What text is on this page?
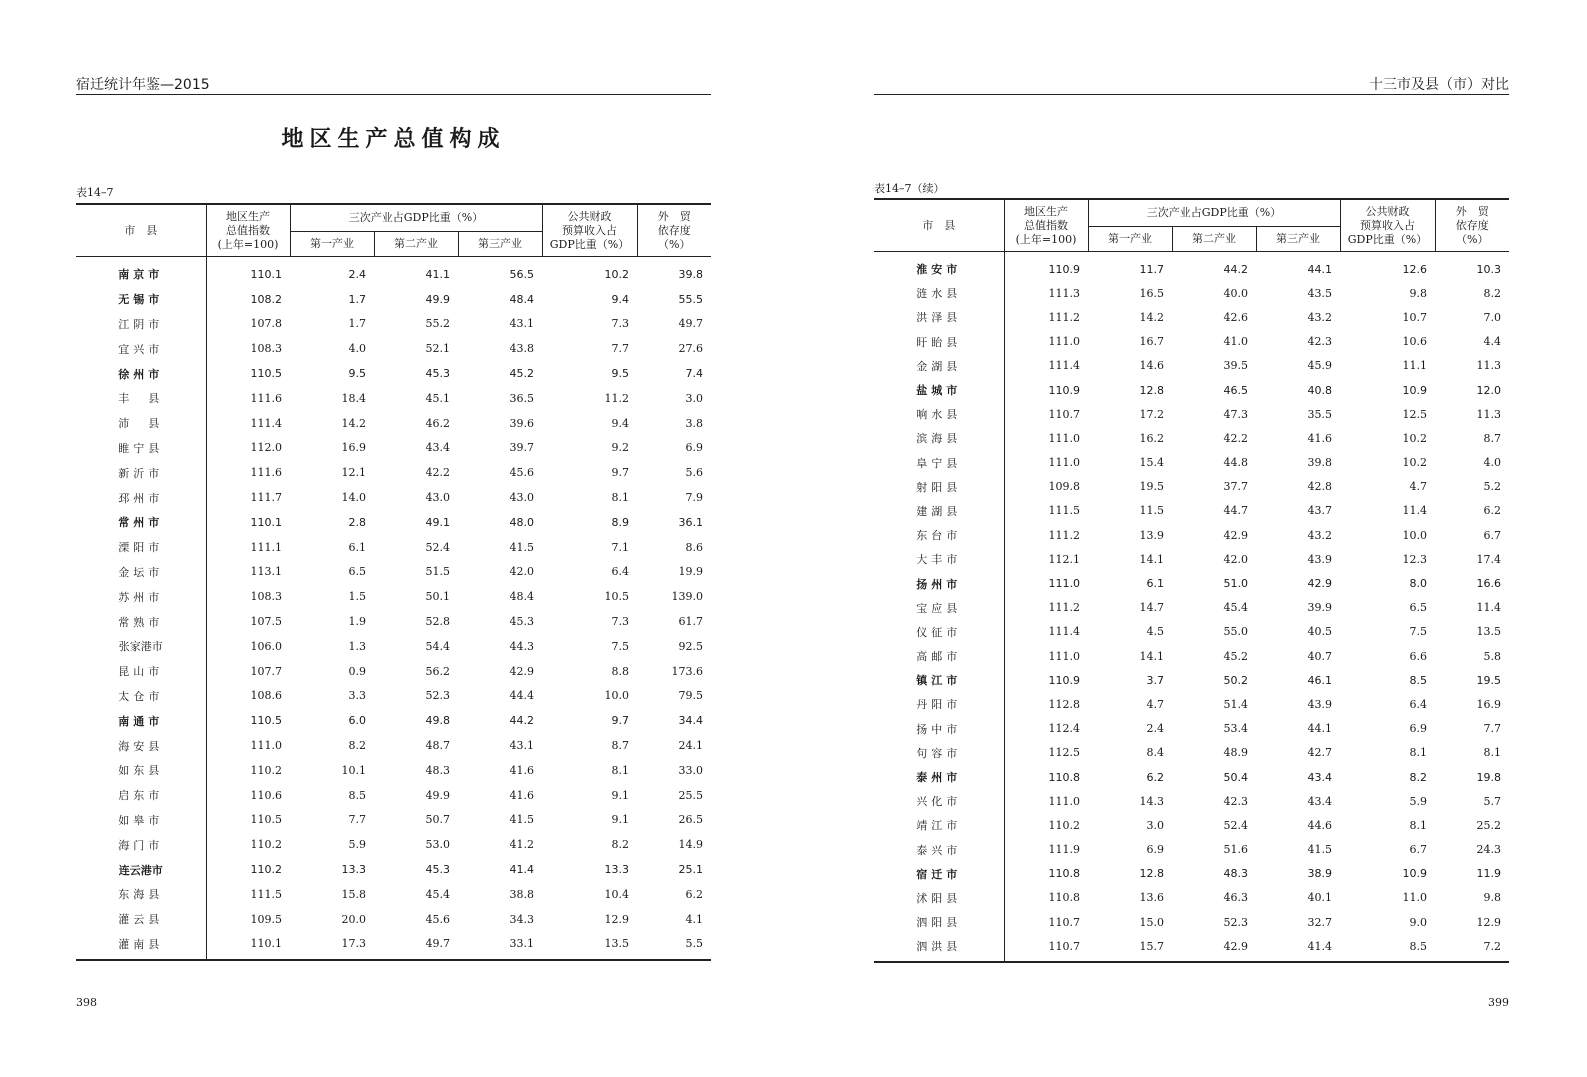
宿迁统计年鉴—2015
地区生产总值构成
表14–7
市　县	地区生产
总值指数
(上年=100)	三次产业占GDP比重（%）			公共财政
预算收入占
GDP比重（%）	外　贸
依存度
（%）
		第一产业	第二产业	第三产业		
南京市	110.1	2.4	41.1	56.5	10.2	39.8
无锡市	108.2	1.7	49.9	48.4	9.4	55.5
江阴市	107.8	1.7	55.2	43.1	7.3	49.7
宜兴市	108.3	4.0	52.1	43.8	7.7	27.6
徐州市	110.5	9.5	45.3	45.2	9.5	7.4
丰　县	111.6	18.4	45.1	36.5	11.2	3.0
沛　县	111.4	14.2	46.2	39.6	9.4	3.8
睢宁县	112.0	16.9	43.4	39.7	9.2	6.9
新沂市	111.6	12.1	42.2	45.6	9.7	5.6
邳州市	111.7	14.0	43.0	43.0	8.1	7.9
常州市	110.1	2.8	49.1	48.0	8.9	36.1
溧阳市	111.1	6.1	52.4	41.5	7.1	8.6
金坛市	113.1	6.5	51.5	42.0	6.4	19.9
苏州市	108.3	1.5	50.1	48.4	10.5	139.0
常熟市	107.5	1.9	52.8	45.3	7.3	61.7
张家港市	106.0	1.3	54.4	44.3	7.5	92.5
昆山市	107.7	0.9	56.2	42.9	8.8	173.6
太仓市	108.6	3.3	52.3	44.4	10.0	79.5
南通市	110.5	6.0	49.8	44.2	9.7	34.4
海安县	111.0	8.2	48.7	43.1	8.7	24.1
如东县	110.2	10.1	48.3	41.6	8.1	33.0
启东市	110.6	8.5	49.9	41.6	9.1	25.5
如皋市	110.5	7.7	50.7	41.5	9.1	26.5
海门市	110.2	5.9	53.0	41.2	8.2	14.9
连云港市	110.2	13.3	45.3	41.4	13.3	25.1
东海县	111.5	15.8	45.4	38.8	10.4	6.2
灌云县	109.5	20.0	45.6	34.3	12.9	4.1
灌南县	110.1	17.3	49.7	33.1	13.5	5.5
398
十三市及县（市）对比
表14–7（续）
市　县	地区生产
总值指数
(上年=100)	三次产业占GDP比重（%）			公共财政
预算收入占
GDP比重（%）	外　贸
依存度
（%）
		第一产业	第二产业	第三产业		
淮安市	110.9	11.7	44.2	44.1	12.6	10.3
涟水县	111.3	16.5	40.0	43.5	9.8	8.2
洪泽县	111.2	14.2	42.6	43.2	10.7	7.0
盱眙县	111.0	16.7	41.0	42.3	10.6	4.4
金湖县	111.4	14.6	39.5	45.9	11.1	11.3
盐城市	110.9	12.8	46.5	40.8	10.9	12.0
响水县	110.7	17.2	47.3	35.5	12.5	11.3
滨海县	111.0	16.2	42.2	41.6	10.2	8.7
阜宁县	111.0	15.4	44.8	39.8	10.2	4.0
射阳县	109.8	19.5	37.7	42.8	4.7	5.2
建湖县	111.5	11.5	44.7	43.7	11.4	6.2
东台市	111.2	13.9	42.9	43.2	10.0	6.7
大丰市	112.1	14.1	42.0	43.9	12.3	17.4
扬州市	111.0	6.1	51.0	42.9	8.0	16.6
宝应县	111.2	14.7	45.4	39.9	6.5	11.4
仪征市	111.4	4.5	55.0	40.5	7.5	13.5
高邮市	111.0	14.1	45.2	40.7	6.6	5.8
镇江市	110.9	3.7	50.2	46.1	8.5	19.5
丹阳市	112.8	4.7	51.4	43.9	6.4	16.9
扬中市	112.4	2.4	53.4	44.1	6.9	7.7
句容市	112.5	8.4	48.9	42.7	8.1	8.1
泰州市	110.8	6.2	50.4	43.4	8.2	19.8
兴化市	111.0	14.3	42.3	43.4	5.9	5.7
靖江市	110.2	3.0	52.4	44.6	8.1	25.2
泰兴市	111.9	6.9	51.6	41.5	6.7	24.3
宿迁市	110.8	12.8	48.3	38.9	10.9	11.9
沭阳县	110.8	13.6	46.3	40.1	11.0	9.8
泗阳县	110.7	15.0	52.3	32.7	9.0	12.9
泗洪县	110.7	15.7	42.9	41.4	8.5	7.2
399
